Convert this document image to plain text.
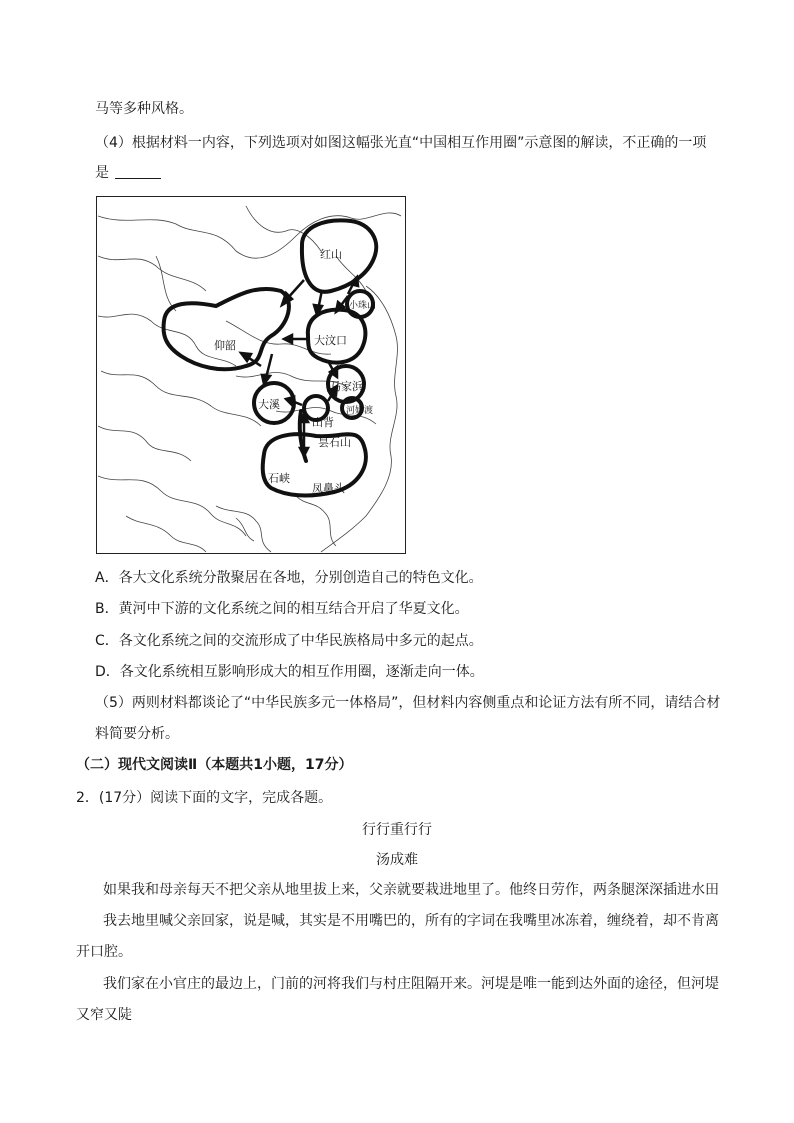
马等多种风格。
（4）根据材料一内容，下列选项对如图这幅张光直“中国相互作用圈”示意图的解读，不正确的一项
是
红山
小珠山
仰韶	大汶口
马家浜
大溪	河姆渡
山背
石峡
昙石山
凤鼻头
A．各大文化系统分散聚居在各地，分别创造自己的特色文化。
B．黄河中下游的文化系统之间的相互结合开启了华夏文化。
C．各文化系统之间的交流形成了中华民族格局中多元的起点。
D．各文化系统相互影响形成大的相互作用圈，逐渐走向一体。
（5）两则材料都谈论了“中华民族多元一体格局”，但材料内容侧重点和论证方法有所不同，请结合材
料简要分析。
（二）现代文阅读Ⅱ（本题共1小题，17分）
2．(17分）阅读下面的文字，完成各题。
行行重行行
汤成难
如果我和母亲每天不把父亲从地里拔上来，父亲就要栽进地里了。他终日劳作，两条腿深深插进水田
我去地里喊父亲回家，说是喊，其实是不用嘴巴的，所有的字词在我嘴里冰冻着，缠绕着，却不肯离
开口腔。
我们家在小官庄的最边上，门前的河将我们与村庄阻隔开来。河堤是唯一能到达外面的途径，但河堤
又窄又陡
